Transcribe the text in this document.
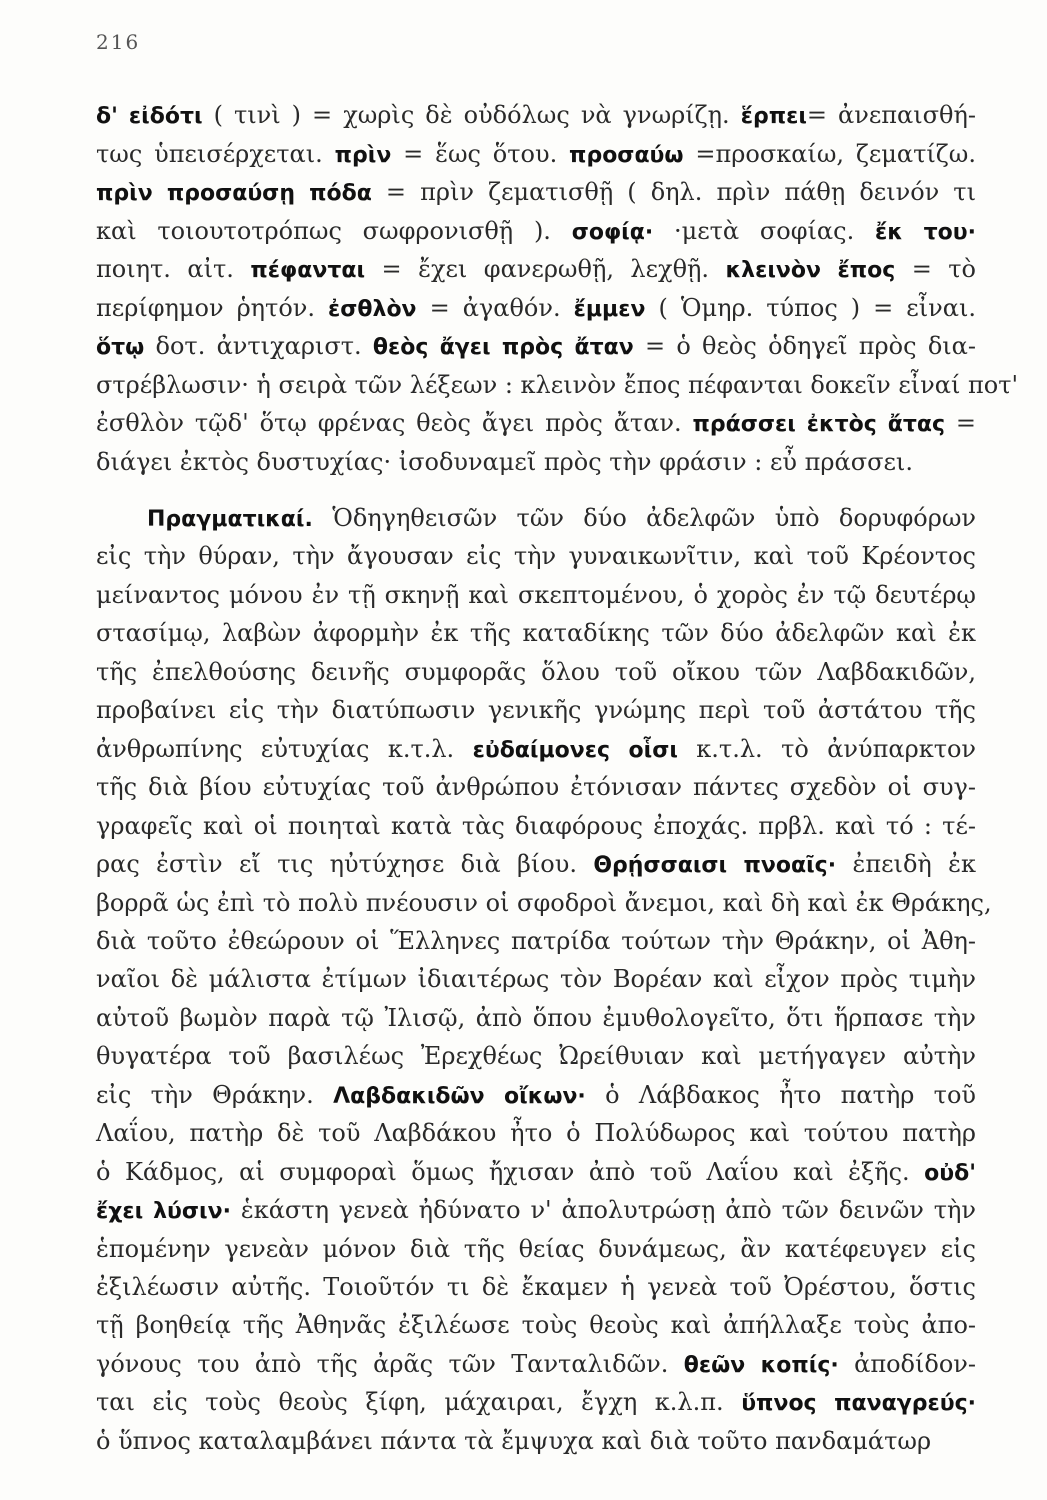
216
δ' εἰδότι ( τινὶ ) = χωρὶς δὲ οὐδόλως νὰ γνωρίζῃ. ἕρπει= ἀνεπαισθή-
τως ὑπεισέρχεται. πρὶν = ἕως ὅτου. προσαύω =προσκαίω, ζεματίζω.
πρὶν προσαύσῃ πόδα = πρὶν ζεματισθῇ ( δηλ. πρὶν πάθῃ δεινόν τι
καὶ τοιουτοτρόπως σωφρονισθῇ ). σοφίᾳ· ·μετὰ σοφίας. ἔκ του·
ποιητ. αἰτ. πέφανται = ἔχει φανερωθῇ, λεχθῇ. κλεινὸν ἔπος = τὸ
περίφημον ῥητόν. ἐσθλὸν = ἀγαθόν. ἔμμεν ( Ὁμηρ. τύπος ) = εἶναι.
ὅτῳ δοτ. ἀντιχαριστ. θεὸς ἄγει πρὸς ἄταν = ὁ θεὸς ὁδηγεῖ πρὸς δια-
στρέβλωσιν· ἡ σειρὰ τῶν λέξεων : κλεινὸν ἔπος πέφανται δοκεῖν εἶναί ποτ'
ἐσθλὸν τῷδ' ὅτῳ φρένας θεὸς ἄγει πρὸς ἄταν. πράσσει ἐκτὸς ἄτας =
διάγει ἐκτὸς δυστυχίας· ἰσοδυναμεῖ πρὸς τὴν φράσιν : εὖ πράσσει.
Πραγματικαί. Ὁδηγηθεισῶν τῶν δύο ἀδελφῶν ὑπὸ δορυφόρων
εἰς τὴν θύραν, τὴν ἄγουσαν εἰς τὴν γυναικωνῖτιν, καὶ τοῦ Κρέοντος
μείναντος μόνου ἐν τῇ σκηνῇ καὶ σκεπτομένου, ὁ χορὸς ἐν τῷ δευτέρῳ
στασίμῳ, λαβὼν ἀφορμὴν ἐκ τῆς καταδίκης τῶν δύο ἀδελφῶν καὶ ἐκ
τῆς ἐπελθούσης δεινῆς συμφορᾶς ὅλου τοῦ οἴκου τῶν Λαβδακιδῶν,
προβαίνει εἰς τὴν διατύπωσιν γενικῆς γνώμης περὶ τοῦ ἀστάτου τῆς
ἀνθρωπίνης εὐτυχίας κ.τ.λ. εὐδαίμονες οἷσι κ.τ.λ. τὸ ἀνύπαρκτον
τῆς διὰ βίου εὐτυχίας τοῦ ἀνθρώπου ἐτόνισαν πάντες σχεδὸν οἱ συγ-
γραφεῖς καὶ οἱ ποιηταὶ κατὰ τὰς διαφόρους ἐποχάς. πρβλ. καὶ τό : τέ-
ρας ἐστὶν εἴ τις ηὐτύχησε διὰ βίου. Θρῄσσαισι πνοαῖς· ἐπειδὴ ἐκ
βορρᾶ ὡς ἐπὶ τὸ πολὺ πνέουσιν οἱ σφοδροὶ ἄνεμοι, καὶ δὴ καὶ ἐκ Θράκης,
διὰ τοῦτο ἐθεώρουν οἱ Ἕλληνες πατρίδα τούτων τὴν Θράκην, οἱ Ἀθη-
ναῖοι δὲ μάλιστα ἐτίμων ἰδιαιτέρως τὸν Βορέαν καὶ εἶχον πρὸς τιμὴν
αὐτοῦ βωμὸν παρὰ τῷ Ἰλισῷ, ἀπὸ ὅπου ἐμυθολογεῖτο, ὅτι ἥρπασε τὴν
θυγατέρα τοῦ βασιλέως Ἐρεχθέως Ὠρείθυιαν καὶ μετήγαγεν αὐτὴν
εἰς τὴν Θράκην. Λαβδακιδῶν οἴκων· ὁ Λάβδακος ἦτο πατὴρ τοῦ
Λαΐου, πατὴρ δὲ τοῦ Λαβδάκου ἦτο ὁ Πολύδωρος καὶ τούτου πατὴρ
ὁ Κάδμος, αἱ συμφοραὶ ὅμως ἤχισαν ἀπὸ τοῦ Λαΐου καὶ ἐξῆς. οὐδ'
ἔχει λύσιν· ἑκάστη γενεὰ ἠδύνατο ν' ἀπολυτρώσῃ ἀπὸ τῶν δεινῶν τὴν
ἑπομένην γενεὰν μόνον διὰ τῆς θείας δυνάμεως, ἂν κατέφευγεν εἰς
ἐξιλέωσιν αὐτῆς. Τοιοῦτόν τι δὲ ἔκαμεν ἡ γενεὰ τοῦ Ὀρέστου, ὅστις
τῇ βοηθείᾳ τῆς Ἀθηνᾶς ἐξιλέωσε τοὺς θεοὺς καὶ ἀπήλλαξε τοὺς ἀπο-
γόνους του ἀπὸ τῆς ἀρᾶς τῶν Τανταλιδῶν. θεῶν κοπίς· ἀποδίδον-
ται εἰς τοὺς θεοὺς ξίφη, μάχαιραι, ἔγχη κ.λ.π. ὕπνος παναγρεύς·
ὁ ὕπνος καταλαμβάνει πάντα τὰ ἔμψυχα καὶ διὰ τοῦτο πανδαμάτωρ
